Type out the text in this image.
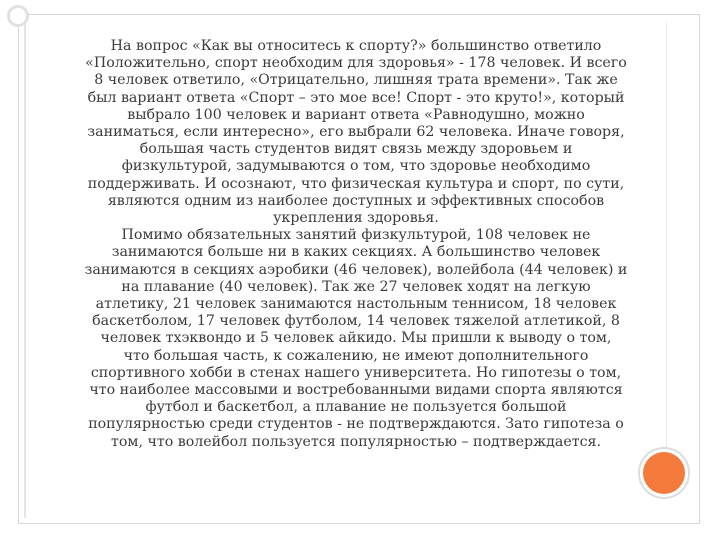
На вопрос «Как вы относитесь к спорту?» большинство ответило
«Положительно, спорт необходим для здоровья» - 178 человек. И всего
8 человек ответило, «Отрицательно, лишняя трата времени». Так же
был вариант ответа «Спорт – это мое все! Спорт - это круто!», который
выбрало 100 человек и вариант ответа «Равнодушно, можно
заниматься, если интересно», его выбрали 62 человека. Иначе говоря,
большая часть студентов видят связь между здоровьем и
физкультурой, задумываются о том, что здоровье необходимо
поддерживать. И осознают, что физическая культура и спорт, по сути,
являются одним из наиболее доступных и эффективных способов
укрепления здоровья.

Помимо обязательных занятий физкультурой, 108 человек не
занимаются больше ни в каких секциях. А большинство человек
занимаются в секциях аэробики (46 человек), волейбола (44 человек) и
на плавание (40 человек). Так же 27 человек ходят на легкую
атлетику, 21 человек занимаются настольным теннисом, 18 человек
баскетболом, 17 человек футболом, 14 человек тяжелой атлетикой, 8
человек тхэквондо и 5 человек айкидо. Мы пришли к выводу о том,
что большая часть, к сожалению, не имеют дополнительного
спортивного хобби в стенах нашего университета. Но гипотезы о том,
что наиболее массовыми и востребованными видами спорта являются
футбол и баскетбол, а плавание не пользуется большой
популярностью среди студентов - не подтверждаются. Зато гипотеза о
том, что волейбол пользуется популярностью – подтверждается.
